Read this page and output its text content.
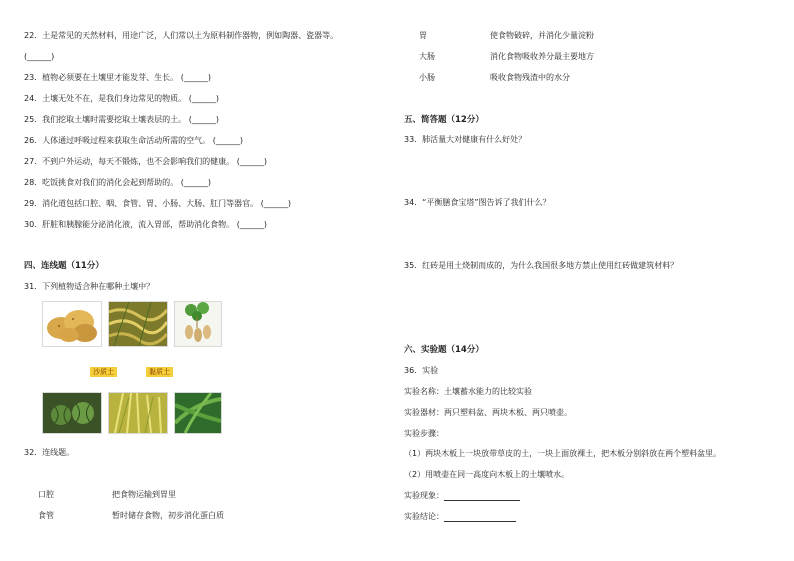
22．土是常见的天然材料，用途广泛，人们常以土为原料制作器物，例如陶器、瓷器等。
(______)
23．植物必须要在土壤里才能发芽、生长。 (______)
24．土壤无处不在，是我们身边常见的物质。 (______)
25．我们挖取土壤时需要挖取土壤表层的土。 (______)
26．人体通过呼吸过程来获取生命活动所需的空气。 (______)
27．不到户外运动，每天不锻炼，也不会影响我们的健康。 (______)
28．吃饭挑食对我们的消化会起到帮助的。 (______)
29．消化道包括口腔、咽、食管、胃、小肠、大肠、肛门等器官。 (______)
30．肝脏和胰腺能分泌消化液，流入胃部，帮助消化食物。 (______)
四、连线题（11分）
31．下列植物适合种在哪种土壤中？
沙质土	黏质土
32．连线题。
口腔	把食物运输到胃里
食管	暂时储存食物，初步消化蛋白质
胃	使食物破碎，并消化少量淀粉
大肠	消化食物吸收养分最主要地方
小肠	吸收食物残渣中的水分
五、简答题（12分）
33．肺活量大对健康有什么好处？
34．“平衡膳食宝塔”图告诉了我们什么？
35．红砖是用土烧制而成的，为什么我国很多地方禁止使用红砖做建筑材料？
六、实验题（14分）
36．实验
实验名称：土壤蓄水能力的比较实验
实验器材：两只塑料盆、两块木板、两只喷壶。
实验步骤：
（1）两块木板上一块放带草皮的土，一块上面放裸土，把木板分别斜放在两个塑料盆里。
（2）用喷壶在同一高度向木板上的土壤喷水。
实验现象：
实验结论：
